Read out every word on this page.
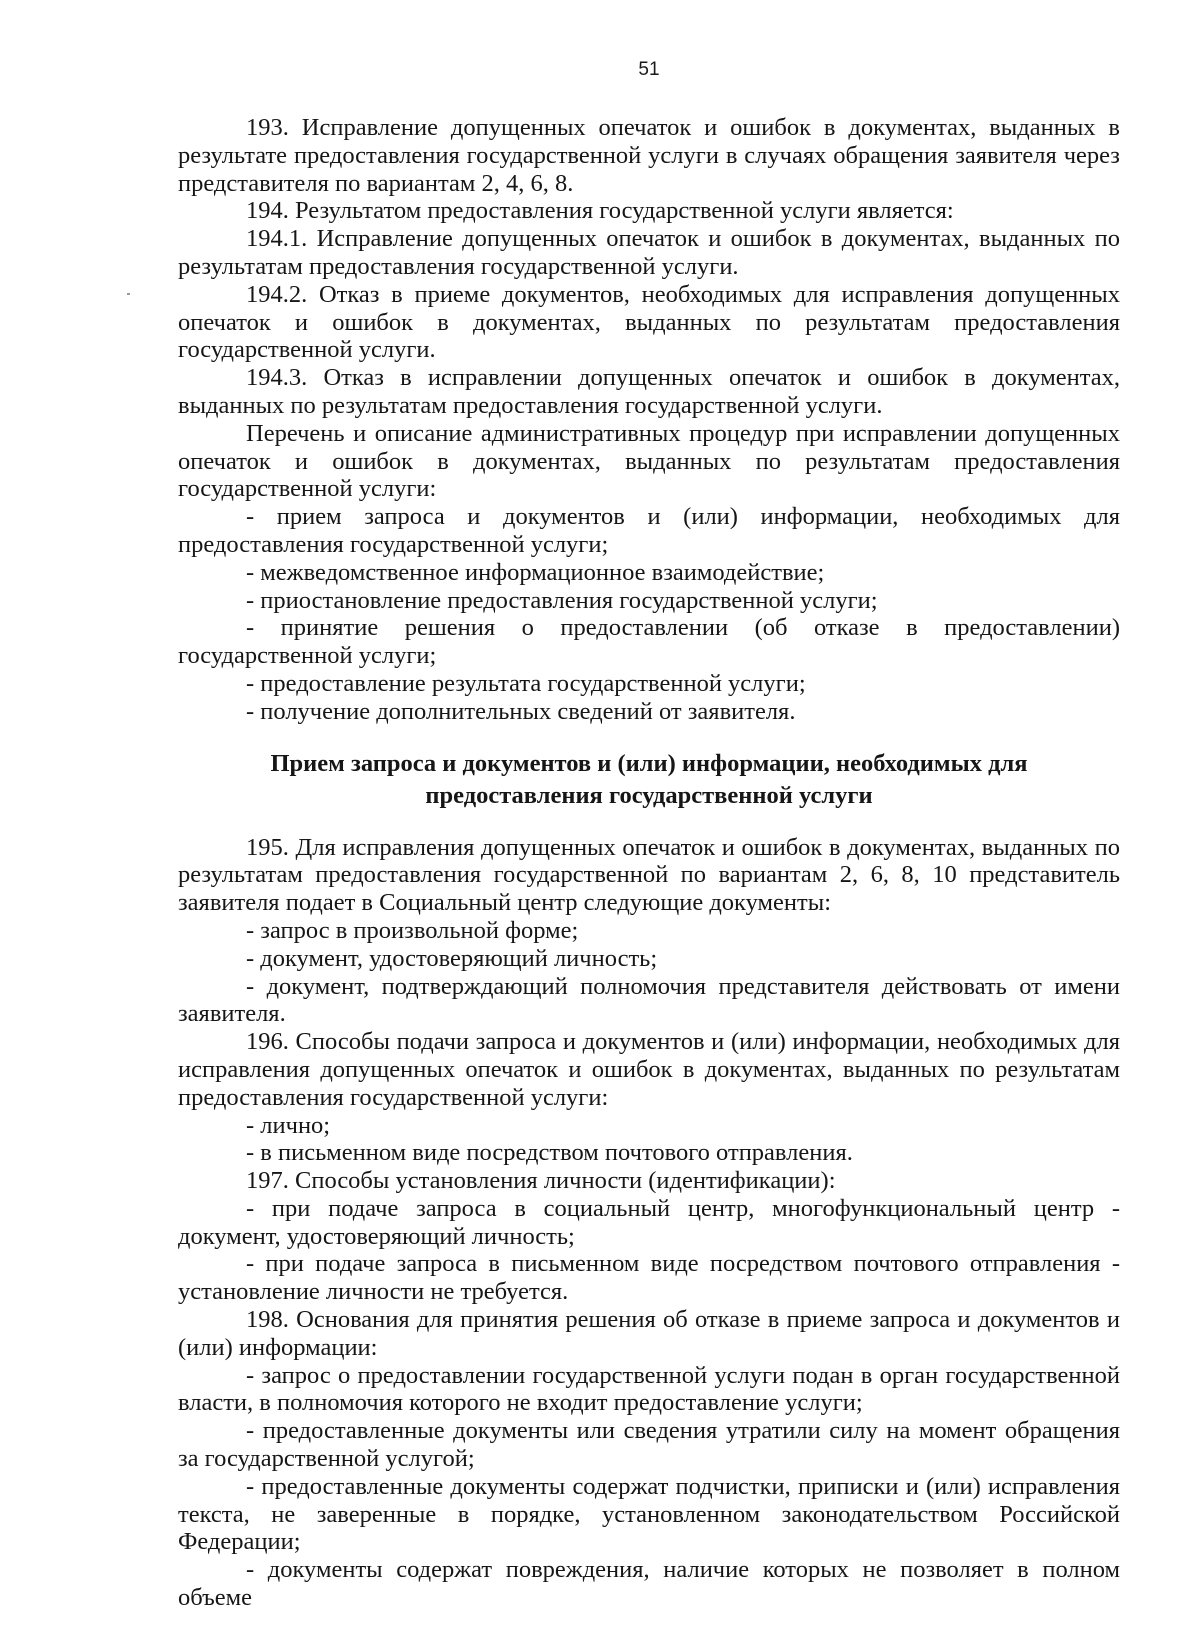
51

193. Исправление допущенных опечаток и ошибок в документах, выданных в результате предоставления государственной услуги в случаях обращения заявителя через представителя по вариантам 2, 4, 6, 8.

194. Результатом предоставления государственной услуги является:

194.1. Исправление допущенных опечаток и ошибок в документах, выданных по результатам предоставления государственной услуги.

194.2. Отказ в приеме документов, необходимых для исправления допущенных опечаток и ошибок в документах, выданных по результатам предоставления государственной услуги.

194.3. Отказ в исправлении допущенных опечаток и ошибок в документах, выданных по результатам предоставления государственной услуги.

Перечень и описание административных процедур при исправлении допущенных опечаток и ошибок в документах, выданных по результатам предоставления государственной услуги:

- прием запроса и документов и (или) информации, необходимых для предоставления государственной услуги;

- межведомственное информационное взаимодействие;

- приостановление предоставления государственной услуги;

- принятие решения о предоставлении (об отказе в предоставлении) государственной услуги;

- предоставление результата государственной услуги;

- получение дополнительных сведений от заявителя.

Прием запроса и документов и (или) информации, необходимых для
предоставления государственной услуги

195. Для исправления допущенных опечаток и ошибок в документах, выданных по результатам предоставления государственной по вариантам 2, 6, 8, 10 представитель заявителя подает в Социальный центр следующие документы:

- запрос в произвольной форме;

- документ, удостоверяющий личность;

- документ, подтверждающий полномочия представителя действовать от имени заявителя.

196. Способы подачи запроса и документов и (или) информации, необходимых для исправления допущенных опечаток и ошибок в документах, выданных по результатам предоставления государственной услуги:

- лично;

- в письменном виде посредством почтового отправления.

197. Способы установления личности (идентификации):

- при подаче запроса в социальный центр, многофункциональный центр - документ, удостоверяющий личность;

- при подаче запроса в письменном виде посредством почтового отправления - установление личности не требуется.

198. Основания для принятия решения об отказе в приеме запроса и документов и (или) информации:

- запрос о предоставлении государственной услуги подан в орган государственной власти, в полномочия которого не входит предоставление услуги;

- предоставленные документы или сведения утратили силу на момент обращения за государственной услугой;

- предоставленные документы содержат подчистки, приписки и (или) исправления текста, не заверенные в порядке, установленном законодательством Российской Федерации;

- документы содержат повреждения, наличие которых не позволяет в полном объеме
